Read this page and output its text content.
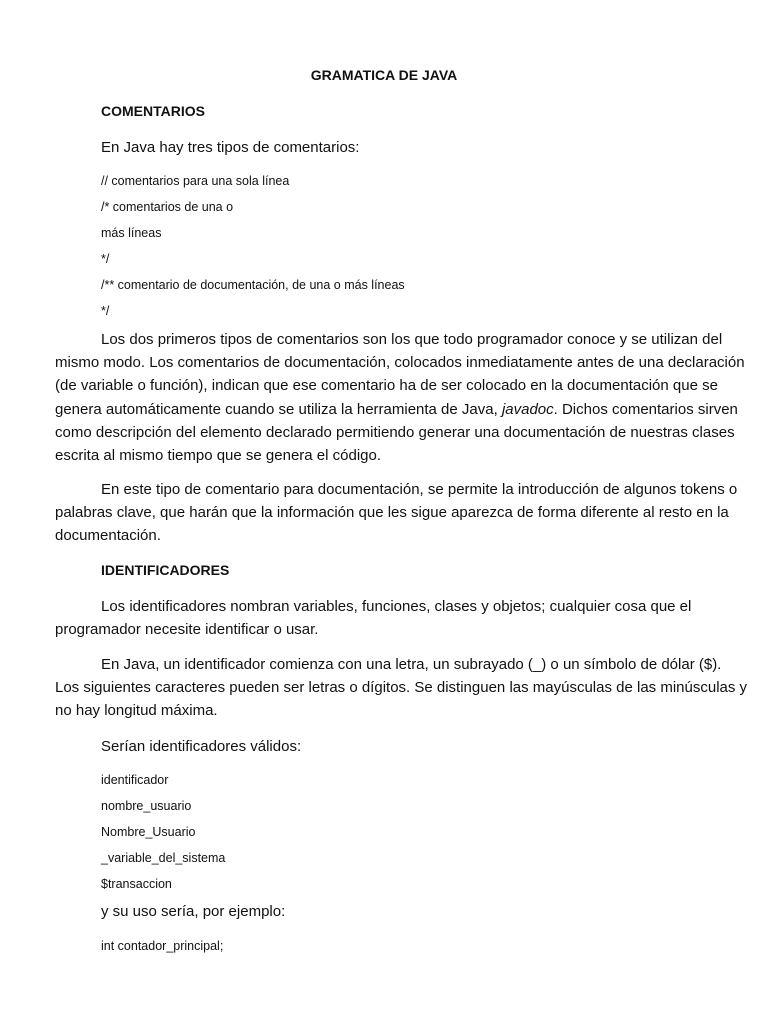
GRAMATICA DE JAVA
COMENTARIOS
En Java hay tres tipos de comentarios:
// comentarios para una sola línea
/* comentarios de una o
más líneas
*/
/** comentario de documentación, de una o más líneas
*/
Los dos primeros tipos de comentarios son los que todo programador conoce y se utilizan del
mismo modo. Los comentarios de documentación, colocados inmediatamente antes de una declaración
(de variable o función), indican que ese comentario ha de ser colocado en la documentación que se
genera automáticamente cuando se utiliza la herramienta de Java, javadoc. Dichos comentarios sirven
como descripción del elemento declarado permitiendo generar una documentación de nuestras clases
escrita al mismo tiempo que se genera el código.
En este tipo de comentario para documentación, se permite la introducción de algunos tokens o
palabras clave, que harán que la información que les sigue aparezca de forma diferente al resto en la
documentación.
IDENTIFICADORES
Los identificadores nombran variables, funciones, clases y objetos; cualquier cosa que el
programador necesite identificar o usar.
En Java, un identificador comienza con una letra, un subrayado (_) o un símbolo de dólar ($).
Los siguientes caracteres pueden ser letras o dígitos. Se distinguen las mayúsculas de las minúsculas y
no hay longitud máxima.
Serían identificadores válidos:
identificador
nombre_usuario
Nombre_Usuario
_variable_del_sistema
$transaccion
y su uso sería, por ejemplo:
int contador_principal;
